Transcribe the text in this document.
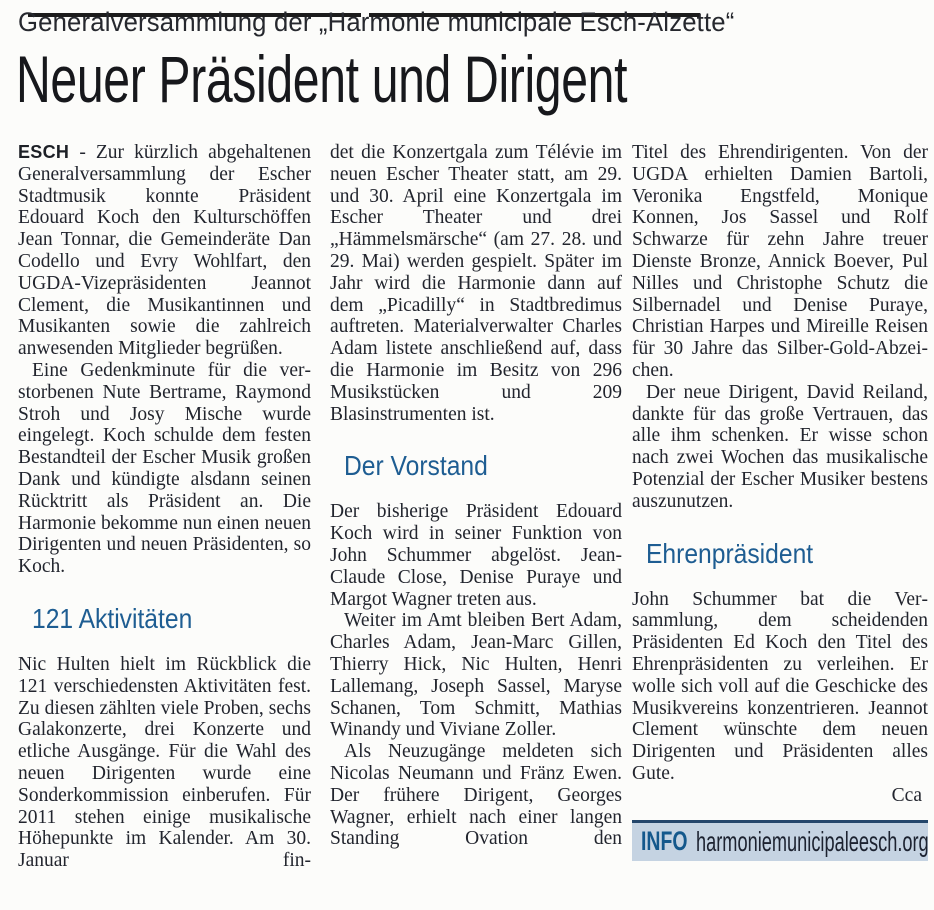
Generalversammlung der „Harmonie municipale Esch-Alzette“
Neuer Präsident und Dirigent

ESCH - Zur kürzlich abgehaltenen Generalversammlung der Escher Stadtmusik konnte Präsident Edouard Koch den Kulturschöffen Jean Tonnar, die Gemeinderäte Dan Codello und Evry Wohlfart, den UGDA-Vizepräsidenten Jeannot Clement, die Musikantinnen und Musikanten sowie die zahlreich anwesenden Mitglieder begrüßen.

Eine Gedenkminute für die verstorbenen Nute Bertrame, Raymond Stroh und Josy Mische wurde eingelegt. Koch schulde dem festen Bestandteil der Escher Musik großen Dank und kündigte alsdann seinen Rücktritt als Präsident an. Die Harmonie bekomme nun einen neuen Dirigenten und neuen Präsidenten, so Koch.

121 Aktivitäten

Nic Hulten hielt im Rückblick die 121 verschiedensten Aktivitäten fest. Zu diesen zählten viele Proben, sechs Galakonzerte, drei Konzerte und etliche Ausgänge. Für die Wahl des neuen Dirigenten wurde eine Sonderkommission einberufen. Für 2011 stehen einige musikalische Höhepunkte im Kalender. Am 30. Januar fin-

det die Konzertgala zum Télévie im neuen Escher Theater statt, am 29. und 30. April eine Konzertgala im Escher Theater und drei „Hämmelsmärsche“ (am 27. 28. und 29. Mai) werden gespielt. Später im Jahr wird die Harmonie dann auf dem „Picadilly“ in Stadtbredimus auftreten. Materialverwalter Charles Adam listete anschließend auf, dass die Harmonie im Besitz von 296 Musikstücken und 209 Blasinstrumenten ist.

Der Vorstand

Der bisherige Präsident Edouard Koch wird in seiner Funktion von John Schummer abgelöst. Jean-Claude Close, Denise Puraye und Margot Wagner treten aus.

Weiter im Amt bleiben Bert Adam, Charles Adam, Jean-Marc Gillen, Thierry Hick, Nic Hulten, Henri Lallemang, Joseph Sassel, Maryse Schanen, Tom Schmitt, Mathias Winandy und Viviane Zoller.

Als Neuzugänge meldeten sich Nicolas Neumann und Fränz Ewen. Der frühere Dirigent, Georges Wagner, erhielt nach einer langen Standing Ovation den

Titel des Ehrendirigenten. Von der UGDA erhielten Damien Bartoli, Veronika Engstfeld, Monique Konnen, Jos Sassel und Rolf Schwarze für zehn Jahre treuer Dienste Bronze, Annick Boever, Pul Nilles und Christophe Schutz die Silbernadel und Denise Puraye, Christian Harpes und Mireille Reisen für 30 Jahre das Silber-Gold-Abzeichen.

Der neue Dirigent, David Reiland, dankte für das große Vertrauen, das alle ihm schenken. Er wisse schon nach zwei Wochen das musikalische Potenzial der Escher Musiker bestens auszunutzen.

Ehrenpräsident

John Schummer bat die Versammlung, dem scheidenden Präsidenten Ed Koch den Titel des Ehrenpräsidenten zu verleihen. Er wolle sich voll auf die Geschicke des Musikvereins konzentrieren. Jeannot Clement wünschte dem neuen Dirigenten und Präsidenten alles Gute.

Cca

INFO harmoniemunicipaleesch.org
